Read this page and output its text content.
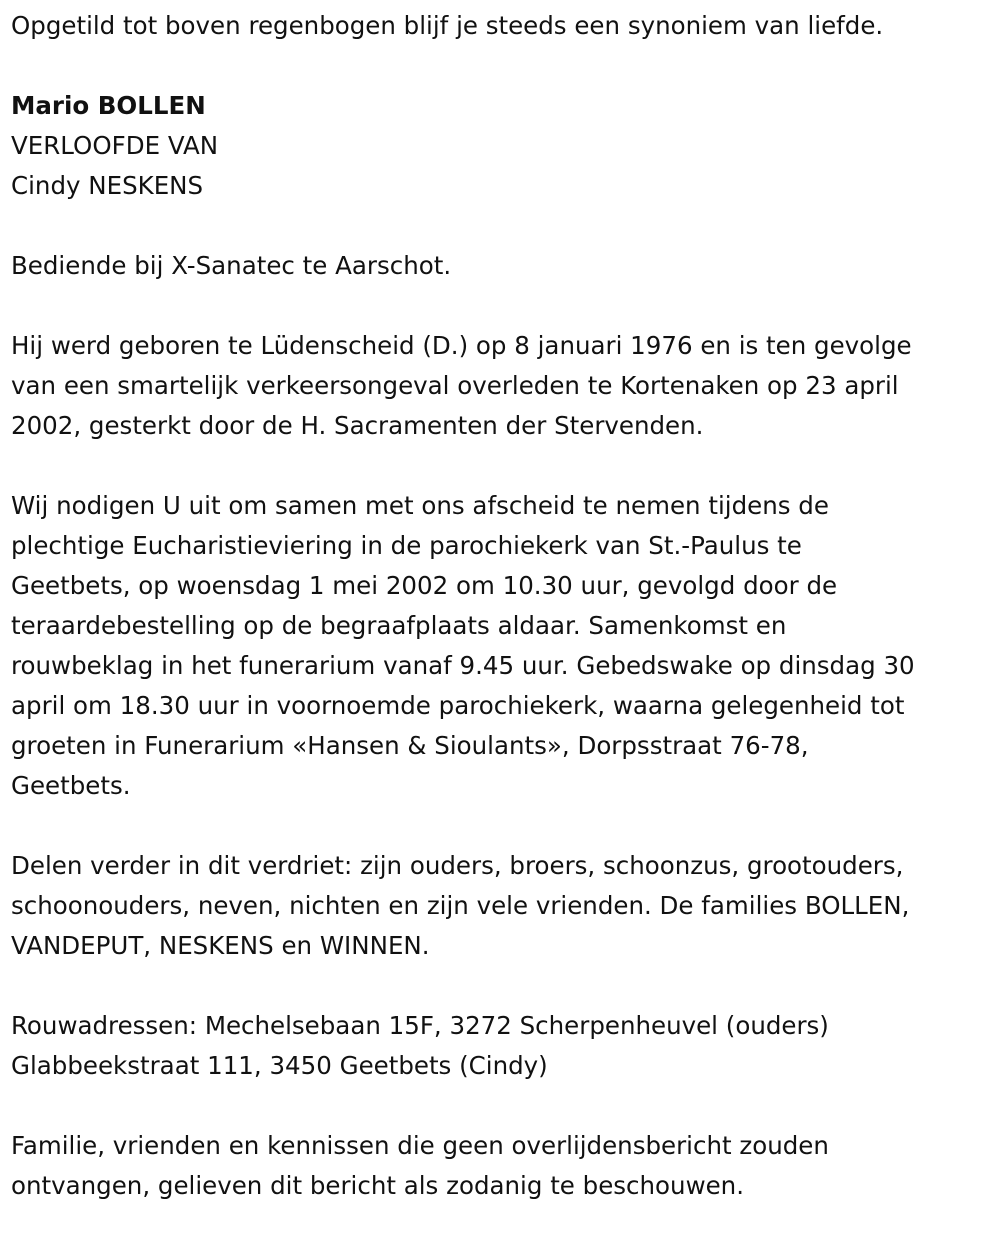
Opgetild tot boven regenbogen blijf je steeds een synoniem van liefde.

Mario BOLLEN

VERLOOFDE VAN

Cindy NESKENS

Bediende bij X-Sanatec te Aarschot.

Hij werd geboren te Lüdenscheid (D.) op 8 januari 1976 en is ten gevolge

van een smartelijk verkeersongeval overleden te Kortenaken op 23 april

2002, gesterkt door de H. Sacramenten der Stervenden.

Wij nodigen U uit om samen met ons afscheid te nemen tijdens de

plechtige Eucharistieviering in de parochiekerk van St.-Paulus te

Geetbets, op woensdag 1 mei 2002 om 10.30 uur, gevolgd door de

teraardebestelling op de begraafplaats aldaar. Samenkomst en

rouwbeklag in het funerarium vanaf 9.45 uur. Gebedswake op dinsdag 30

april om 18.30 uur in voornoemde parochiekerk, waarna gelegenheid tot

groeten in Funerarium «Hansen & Sioulants», Dorpsstraat 76-78,

Geetbets.

Delen verder in dit verdriet: zijn ouders, broers, schoonzus, grootouders,

schoonouders, neven, nichten en zijn vele vrienden. De families BOLLEN,

VANDEPUT, NESKENS en WINNEN.

Rouwadressen: Mechelsebaan 15F, 3272 Scherpenheuvel (ouders)

Glabbeekstraat 111, 3450 Geetbets (Cindy)

Familie, vrienden en kennissen die geen overlijdensbericht zouden

ontvangen, gelieven dit bericht als zodanig te beschouwen.
